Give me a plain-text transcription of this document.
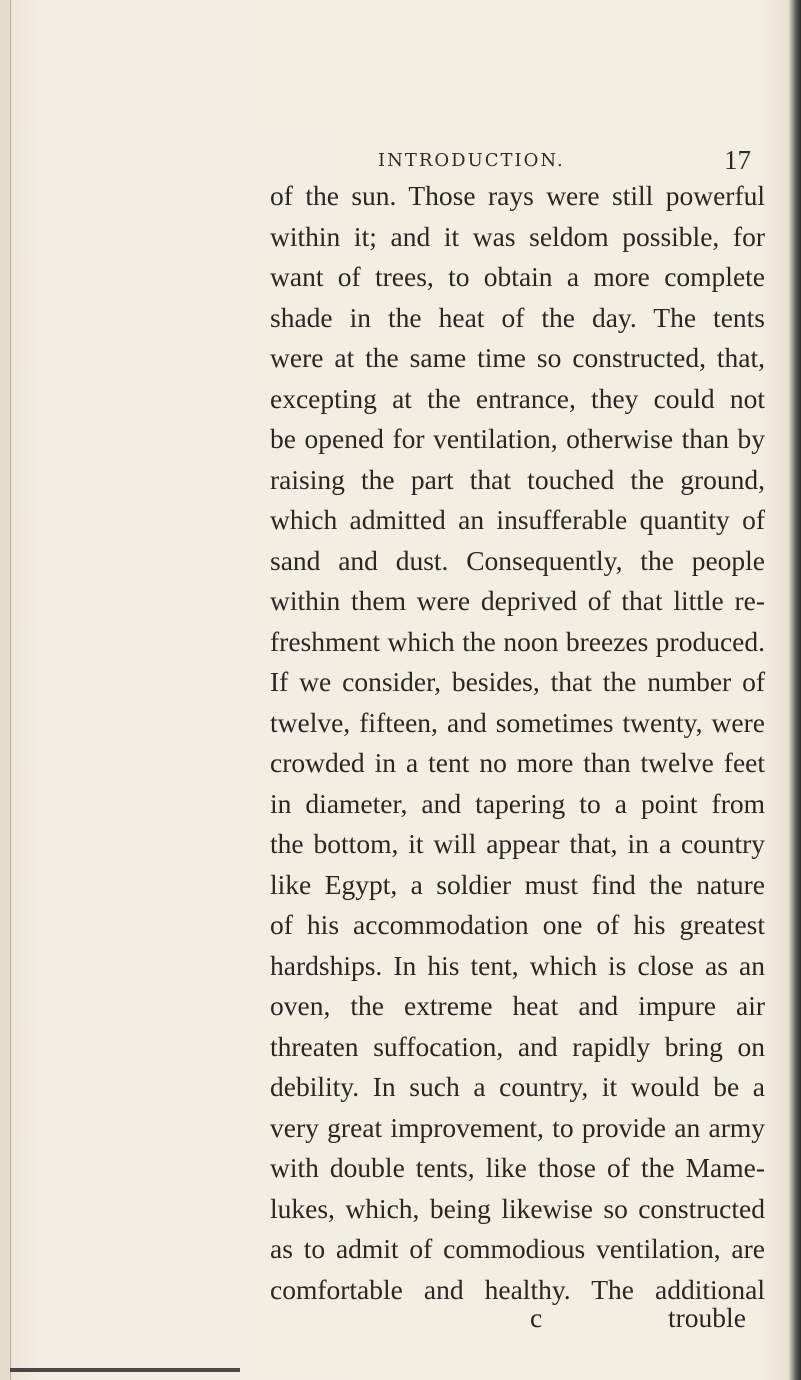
INTRODUCTION.	17
of the sun. Those rays were still powerful
within it; and it was seldom possible, for
want of trees, to obtain a more complete
shade in the heat of the day. The tents
were at the same time so constructed, that,
excepting at the entrance, they could not
be opened for ventilation, otherwise than by
raising the part that touched the ground,
which admitted an insufferable quantity of
sand and dust. Consequently, the people
within them were deprived of that little re-
freshment which the noon breezes produced.
If we consider, besides, that the number of
twelve, fifteen, and sometimes twenty, were
crowded in a tent no more than twelve feet
in diameter, and tapering to a point from
the bottom, it will appear that, in a country
like Egypt, a soldier must find the nature
of his accommodation one of his greatest
hardships. In his tent, which is close as an
oven, the extreme heat and impure air
threaten suffocation, and rapidly bring on
debility. In such a country, it would be a
very great improvement, to provide an army
with double tents, like those of the Mame-
lukes, which, being likewise so constructed
as to admit of commodious ventilation, are
comfortable and healthy. The additional
c	trouble
